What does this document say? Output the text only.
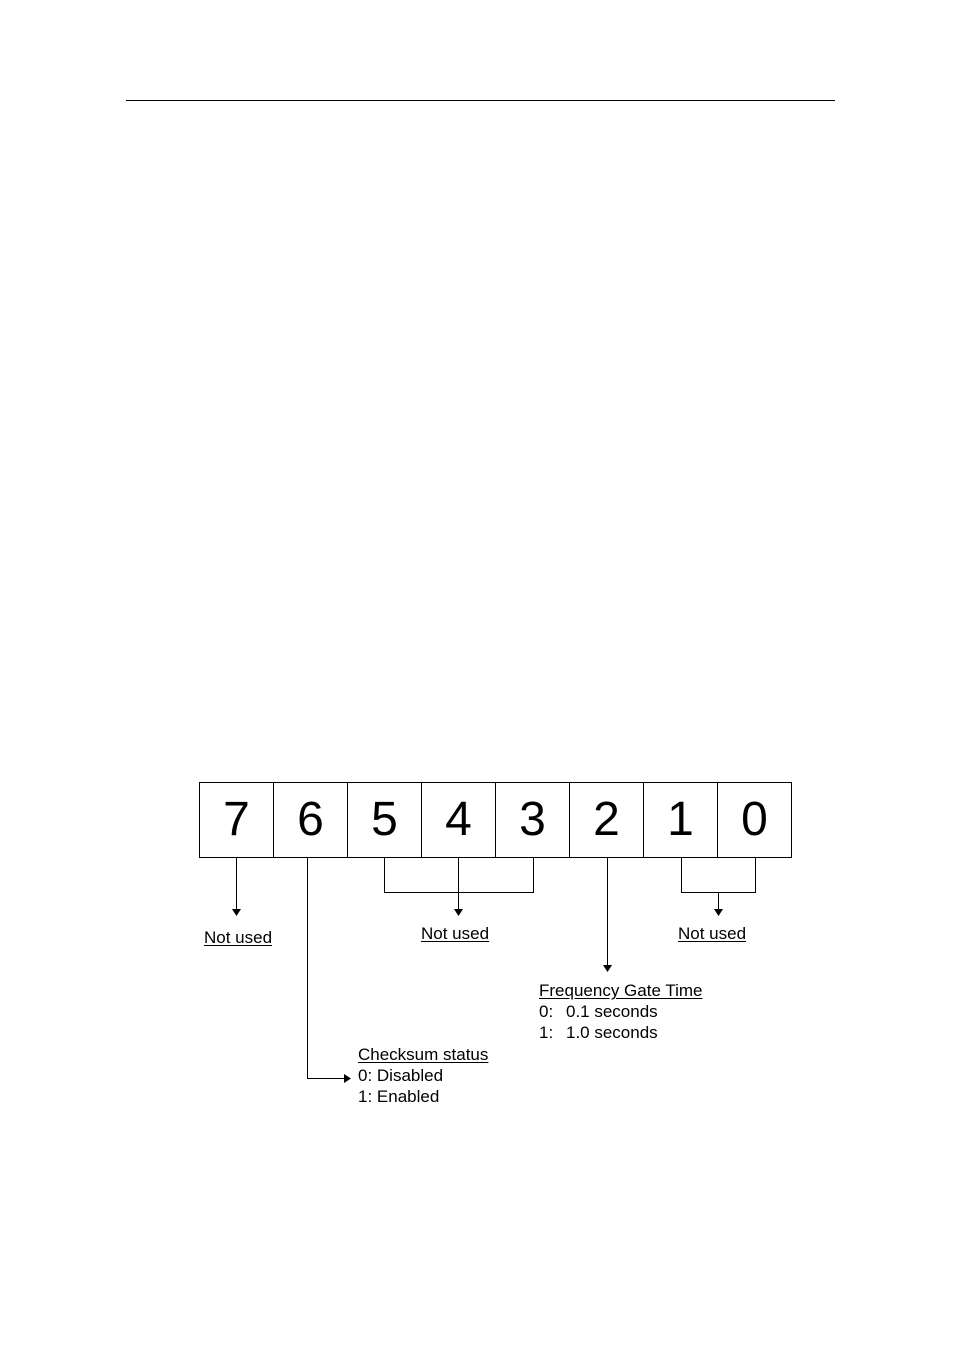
7 6 5 4 3 2 1 0
Not used	Not used	Not used
Frequency Gate Time
0: 0.1 seconds
1: 1.0 seconds
Checksum status
0: Disabled
1: Enabled
